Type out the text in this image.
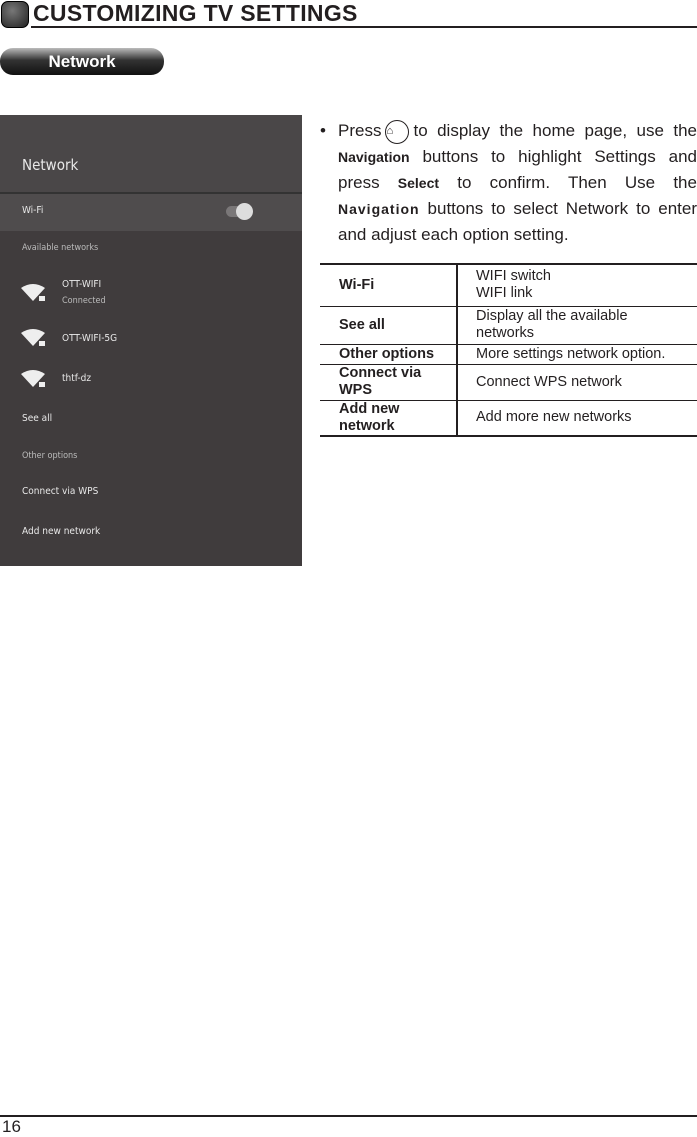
CUSTOMIZING TV SETTINGS
Network
Network
Wi-Fi
Available networks
OTT-WIFI
Connected
OTT-WIFI-5G
thtf-dz
See all
Other options
Connect via WPS
Add new network
• Press ⌂ to display the home page, use the Navigation buttons to highlight Settings and press Select to confirm. Then Use the Navigation buttons to select Network to enter and adjust each option setting.

Wi-Fi	WIFI switch
WIFI link

See all	Display all the available
networks

Other options	More settings network option.
Connect via WPS	Connect WPS network
Add new network	Add more new networks
16
